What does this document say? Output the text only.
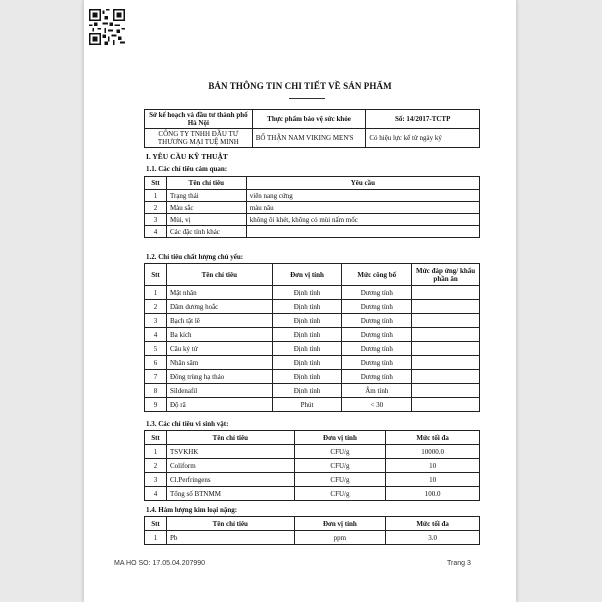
BẢN THÔNG TIN CHI TIẾT VỀ SẢN PHẨM
Sở kế hoạch và đầu tư thành phố Hà Nội	Thực phẩm bảo vệ sức khỏe	Số: 14/2017-TCTP
CÔNG TY TNHH ĐẦU TƯ THƯƠNG MẠI TUỆ MINH	BỔ THẬN NAM VIKING MEN'S	Có hiệu lực kể từ ngày ký
I. YÊU CẦU KỸ THUẬT
1.1. Các chỉ tiêu cảm quan:
Stt	Tên chỉ tiêu	Yêu cầu
1	Trạng thái	viên nang cứng
2	Màu sắc	màu nâu
3	Mùi, vị	không ôi khét, không có mùi nấm mốc
4	Các đặc tính khác	
1.2. Chỉ tiêu chất lượng chủ yếu:
Stt	Tên chỉ tiêu	Đơn vị tính	Mức công bố	Mức đáp ứng/ khẩu phần ăn
1	Mật nhân	Định tính	Dương tính	
2	Dâm dương hoắc	Định tính	Dương tính	
3	Bạch tật lê	Định tính	Dương tính	
4	Ba kích	Định tính	Dương tính	
5	Câu kỷ tử	Định tính	Dương tính	
6	Nhân sâm	Định tính	Dương tính	
7	Đông trùng hạ thảo	Định tính	Dương tính	
8	Sildenafil	Định tính	Âm tính	
9	Độ rã	Phút	< 30	
1.3. Các chỉ tiêu vi sinh vật:
Stt	Tên chỉ tiêu	Đơn vị tính	Mức tối đa
1	TSVKHK	CFU/g	10000.0
2	Coliform	CFU/g	10
3	Cl.Perfringens	CFU/g	10
4	Tổng số BTNMM	CFU/g	100.0
1.4. Hàm lượng kim loại nặng:
Stt	Tên chỉ tiêu	Đơn vị tính	Mức tối đa
1	Pb	ppm	3.0
MA HO SO: 17.05.04.207990	Trang 3
